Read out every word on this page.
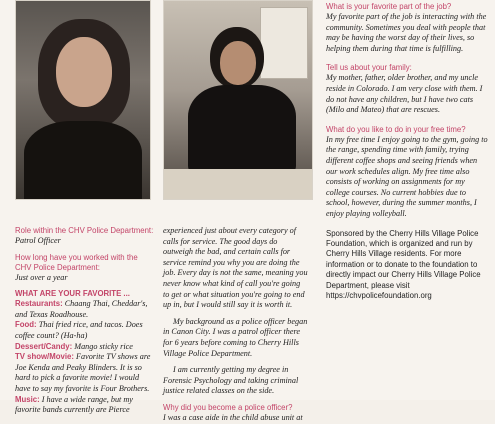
Role within the CHV Police Department:

Patrol Officer

How long have you worked with the CHV Police Department:

Just over a year

WHAT ARE YOUR FAVORITE ...

Restaurants: Chaang Thai, Cheddar's, and Texas Roadhouse.

Food: Thai fried rice, and tacos. Does coffee count? (Ha-ha)

Dessert/Candy: Mango sticky rice

TV show/Movie: Favorite TV shows are Joe Kenda and Peaky Blinders. It is so hard to pick a favorite movie! I would have to say my favorite is Four Brothers.

Music: I have a wide range, but my favorite bands currently are Pierce

experienced just about every category of calls for service. The good days do outweigh the bad, and certain calls for service remind you why you are doing the job. Every day is not the same, meaning you never know what kind of call you're going to get or what situation you're going to end up in, but I would still say it is worth it.

My background as a police officer began in Canon City. I was a patrol officer there for 6 years before coming to Cherry Hills Village Police Department.

I am currently getting my degree in Forensic Psychology and taking criminal justice related classes on the side.

Why did you become a police officer?

I was a case aide in the child abuse unit at

What is your favorite part of the job?

My favorite part of the job is interacting with the community. Sometimes you deal with people that may be having the worst day of their lives, so helping them during that time is fulfilling.

Tell us about your family:

My mother, father, older brother, and my uncle reside in Colorado. I am very close with them. I do not have any children, but I have two cats (Milo and Mateo) that are rescues.

What do you like to do in your free time?

In my free time I enjoy going to the gym, going to the range, spending time with family, trying different coffee shops and seeing friends when our work schedules align. My free time also consists of working on assignments for my college courses. No current hobbies due to school, however, during the summer months, I enjoy playing volleyball.

Sponsored by the Cherry Hills Village Police Foundation, which is organized and run by Cherry Hills Village residents. For more information or to donate to the foundation to directly impact our Cherry Hills Village Police Department, please visit https://chvpolicefoundation.org
